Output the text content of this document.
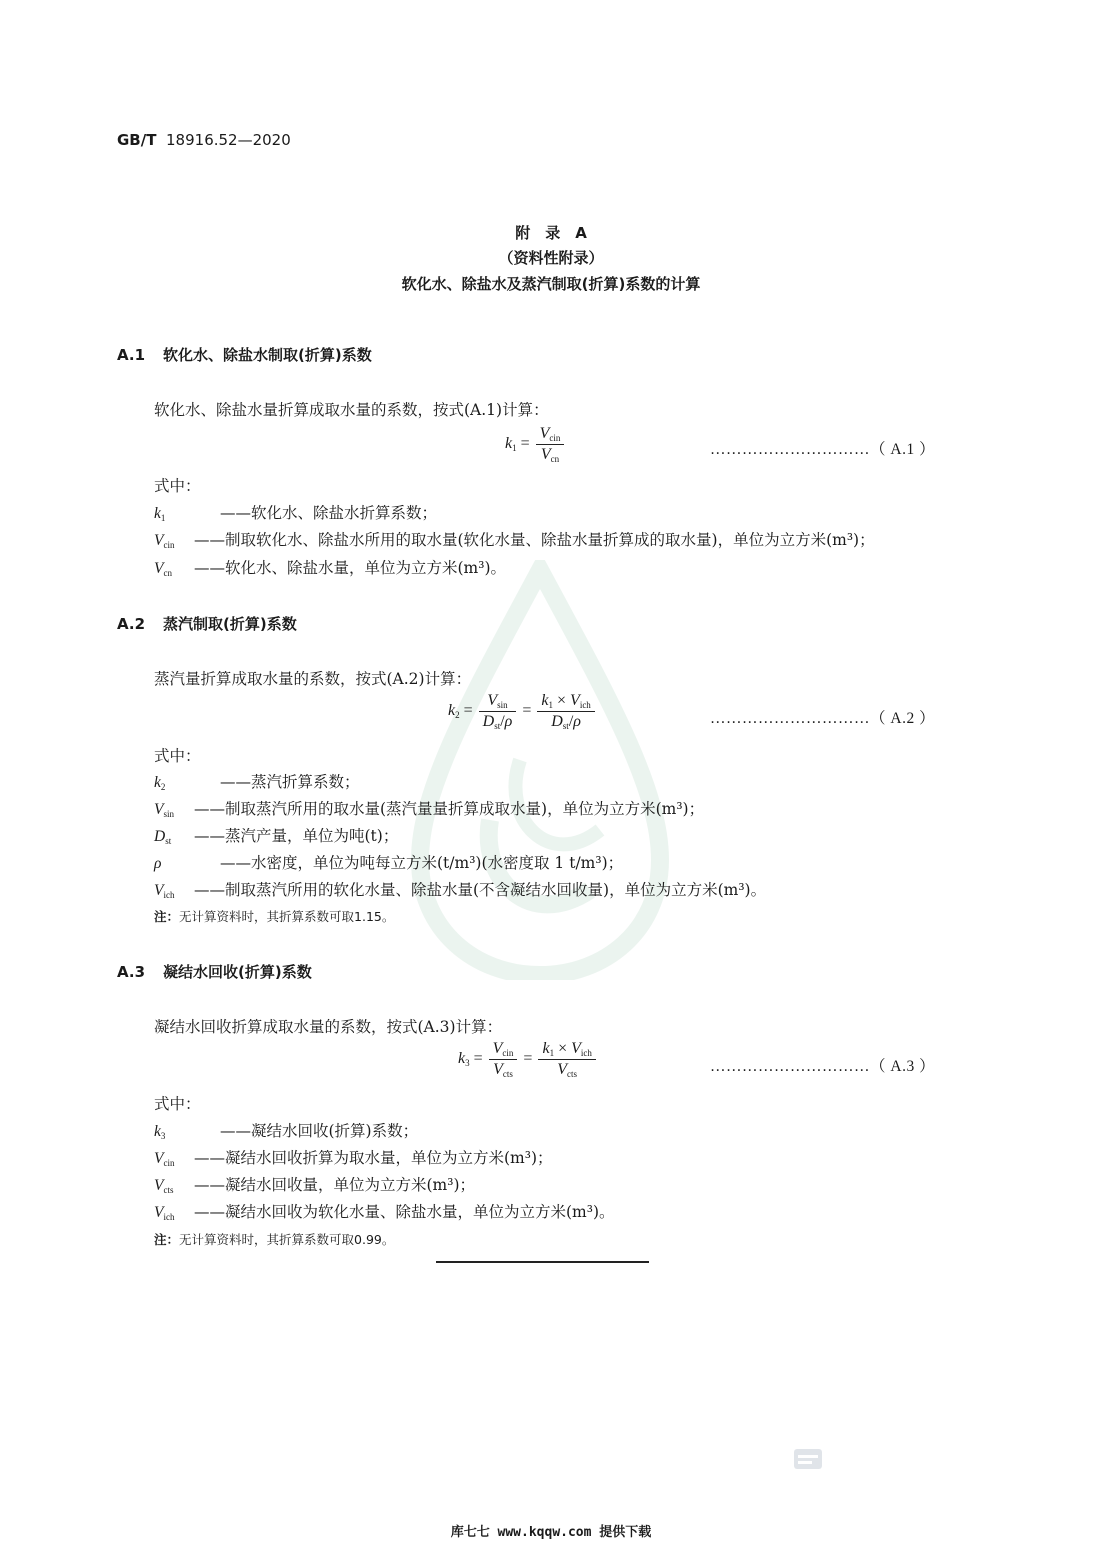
GB/T 18916.52—2020
附　录　A
（资料性附录）
软化水、除盐水及蒸汽制取(折算)系数的计算
A.1 软化水、除盐水制取(折算)系数
软化水、除盐水量折算成取水量的系数，按式(A.1)计算：
$k_1 = \frac{V_{cin}}{V_{cn}}$	…………………………（ A.1 ）
式中：
$k_1$	——软化水、除盐水折算系数；
$V_{cin}$ ——制取软化水、除盐水所用的取水量(软化水量、除盐水量折算成的取水量)，单位为立方米(m³)；
$V_{cn}$ ——软化水、除盐水量，单位为立方米(m³)。
A.2 蒸汽制取(折算)系数
蒸汽量折算成取水量的系数，按式(A.2)计算：
$k_2 = \frac{V_{sin}}{D_{st}/\rho} = \frac{k_1 \times V_{ich}}{D_{st}/\rho}$	…………………………（ A.2 ）
式中：
$k_2$	——蒸汽折算系数；
$V_{sin}$ ——制取蒸汽所用的取水量(蒸汽量量折算成取水量)，单位为立方米(m³)；
$D_{st}$ ——蒸汽产量，单位为吨(t)；
ρ	——水密度，单位为吨每立方米(t/m³)(水密度取 1 t/m³)；
$V_{ich}$ ——制取蒸汽所用的软化水量、除盐水量(不含凝结水回收量)，单位为立方米(m³)。
注：无计算资料时，其折算系数可取1.15。
A.3 凝结水回收(折算)系数
凝结水回收折算成取水量的系数，按式(A.3)计算：
$k_3 = \frac{V_{cin}}{V_{cts}} = \frac{k_1 \times V_{ich}}{V_{cts}}$	…………………………（ A.3 ）
式中：
$k_3$	——凝结水回收(折算)系数；
$V_{cin}$ ——凝结水回收折算为取水量，单位为立方米(m³)；
$V_{cts}$ ——凝结水回收量，单位为立方米(m³)；
$V_{ich}$ ——凝结水回收为软化水量、除盐水量，单位为立方米(m³)。
注：无计算资料时，其折算系数可取0.99。
库七七 www.kqqw.com 提供下载
